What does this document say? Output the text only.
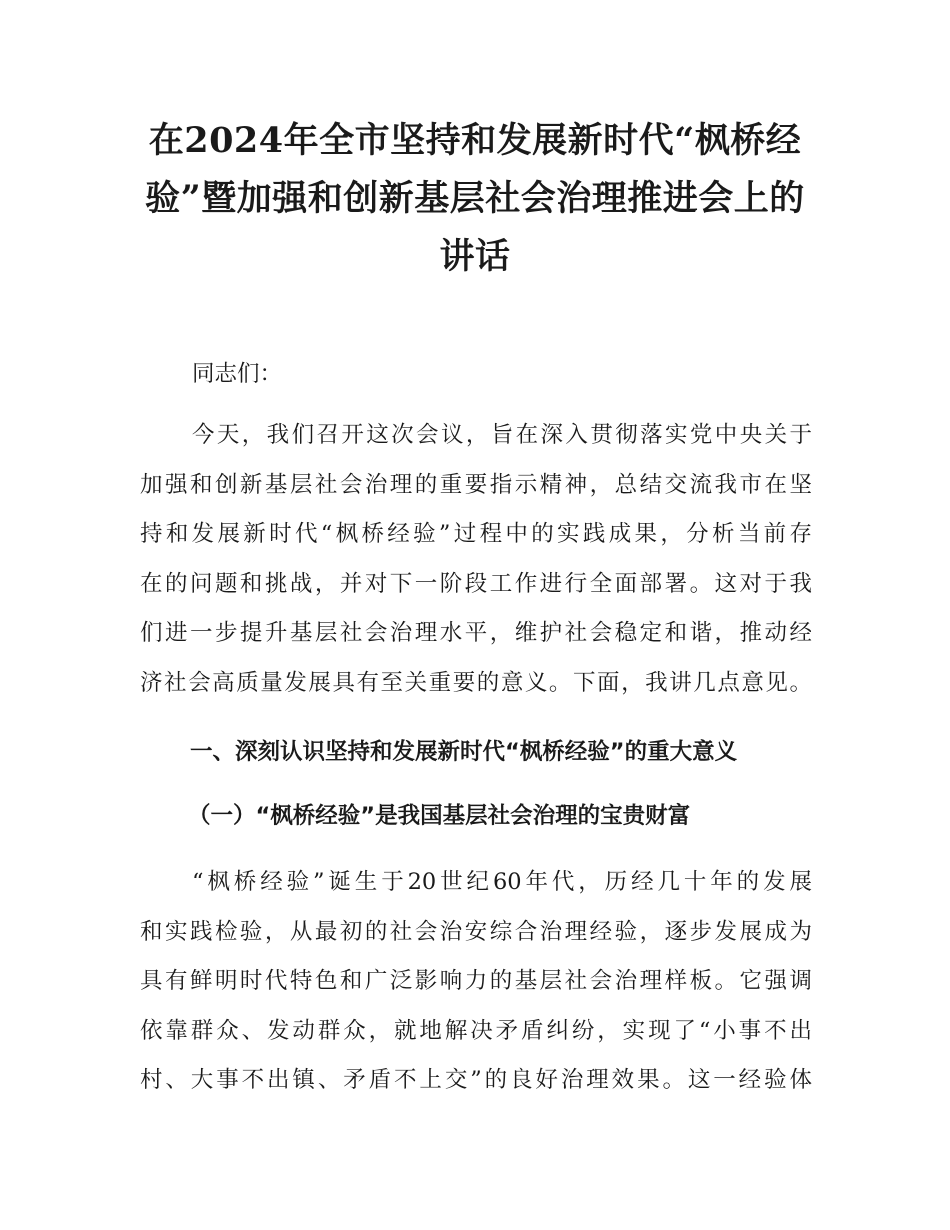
在2024年全市坚持和发展新时代“枫桥经
验”暨加强和创新基层社会治理推进会上的
讲话

同志们：

今天，我们召开这次会议，旨在深入贯彻落实党中央关于
加强和创新基层社会治理的重要指示精神，总结交流我市在坚
持和发展新时代“枫桥经验”过程中的实践成果，分析当前存
在的问题和挑战，并对下一阶段工作进行全面部署。这对于我
们进一步提升基层社会治理水平，维护社会稳定和谐，推动经
济社会高质量发展具有至关重要的意义。下面，我讲几点意见。
一、深刻认识坚持和发展新时代“枫桥经验”的重大意义
（一）“枫桥经验”是我国基层社会治理的宝贵财富
“枫桥经验”诞生于20世纪60年代，历经几十年的发展
和实践检验，从最初的社会治安综合治理经验，逐步发展成为
具有鲜明时代特色和广泛影响力的基层社会治理样板。它强调
依靠群众、发动群众，就地解决矛盾纠纷，实现了“小事不出
村、大事不出镇、矛盾不上交”的良好治理效果。这一经验体
